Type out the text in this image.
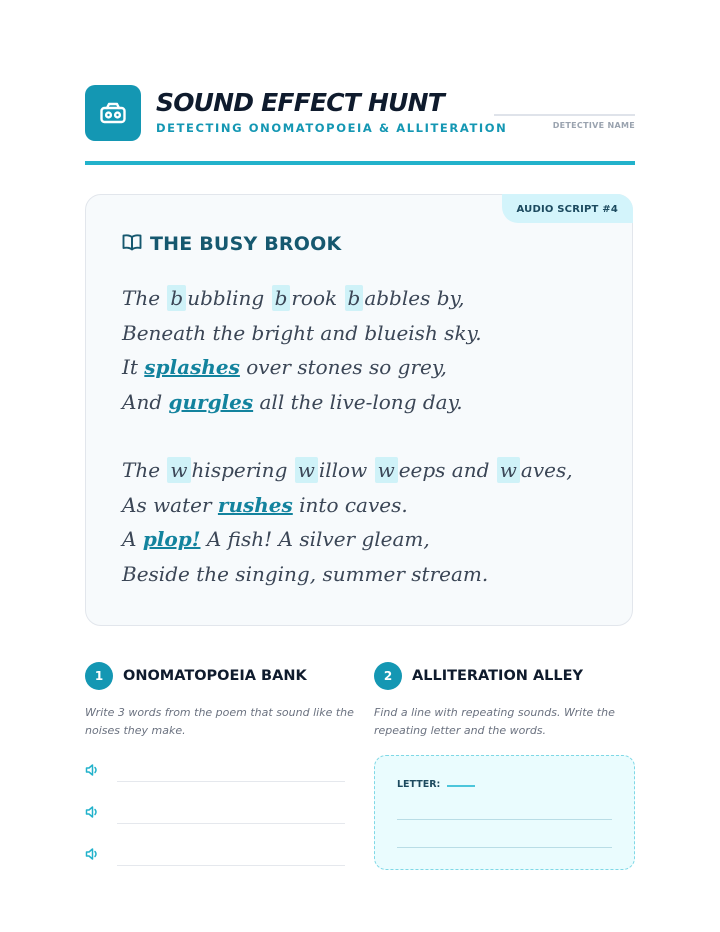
SOUND EFFECT HUNT
DETECTING ONOMATOPOEIA & ALLITERATION	DETECTIVE NAME
AUDIO SCRIPT #4
THE BUSY BROOK
The b ubbling b rook b abbles by,
Beneath the bright and blueish sky.
It splashes over stones so grey,
And gurgles all the live-long day.
The w hispering w illow w eeps and w aves,
As water rushes into caves.
A plop! A fish! A silver gleam,
Beside the singing, summer stream.
1	ONOMATOPOEIA BANK
Write 3 words from the poem that sound like the noises they make.
2	ALLITERATION ALLEY
Find a line with repeating sounds. Write the repeating letter and the words.
LETTER:
